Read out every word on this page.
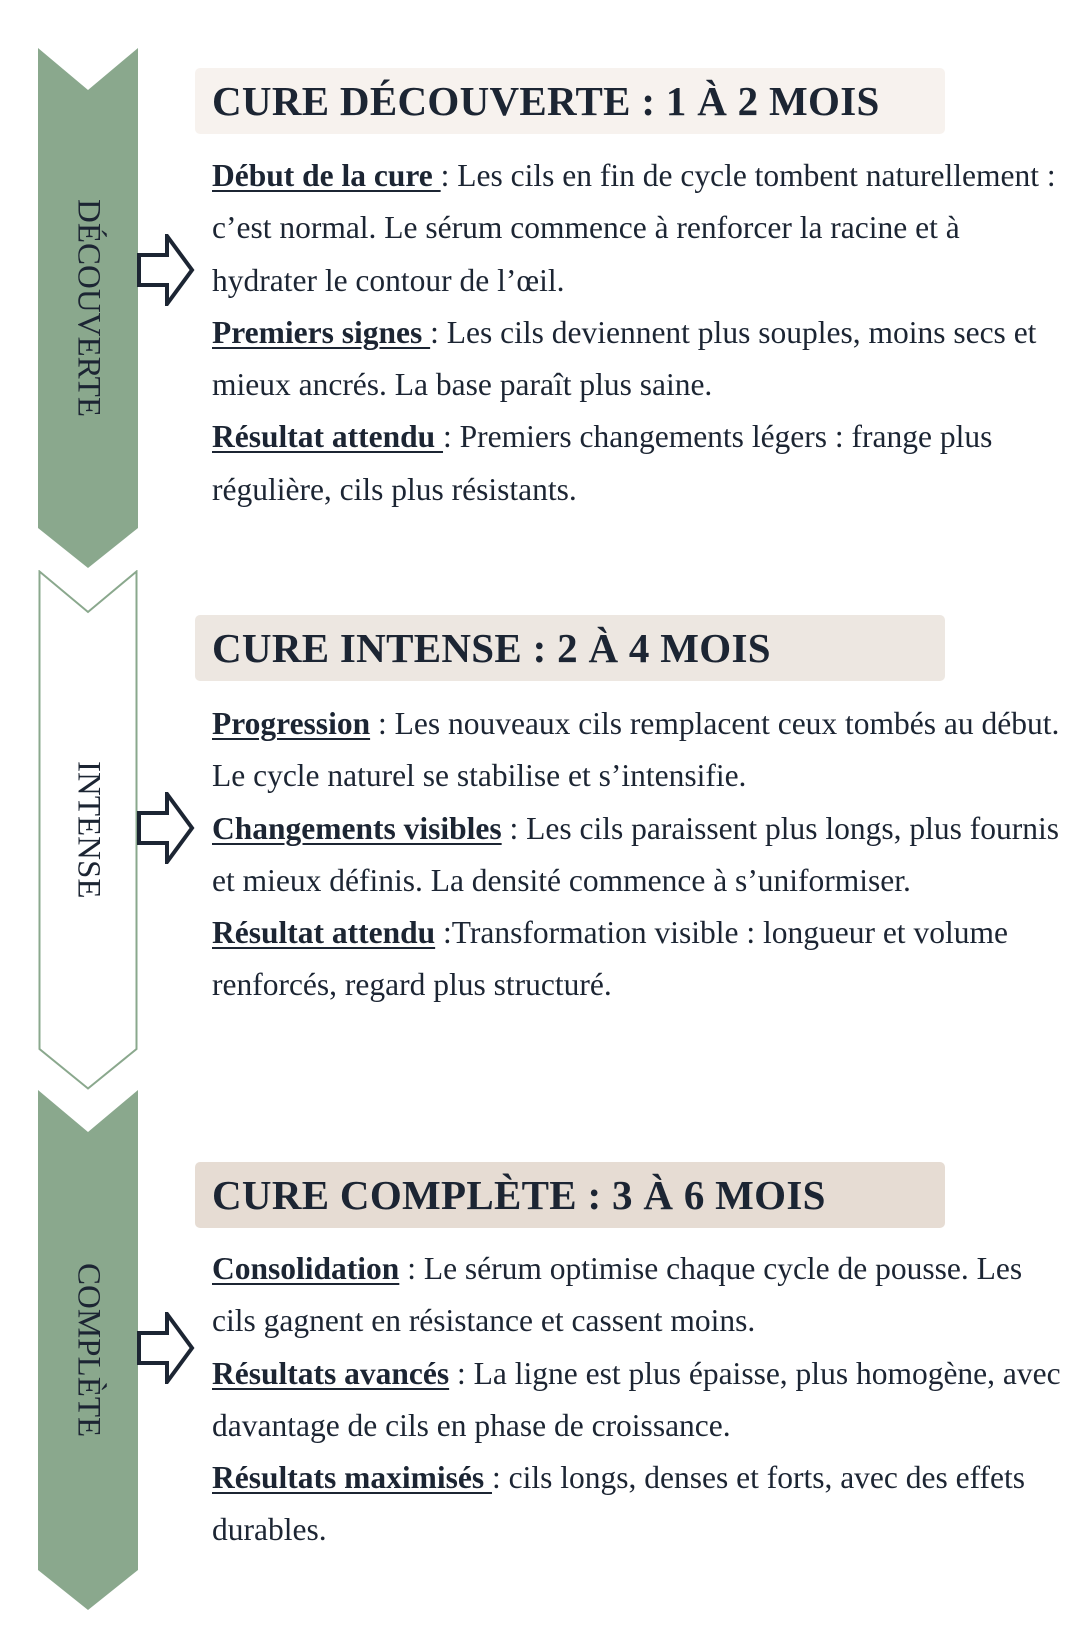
DÉCOUVERTE
CURE DÉCOUVERTE : 1 À 2 MOIS

Début de la cure : Les cils en fin de cycle tombent naturellement : c’est normal. Le sérum commence à renforcer la racine et à hydrater le contour de l’œil.

Premiers signes : Les cils deviennent plus souples, moins secs et mieux ancrés. La base paraît plus saine.

Résultat attendu : Premiers changements légers : frange plus régulière, cils plus résistants.

INTENSE
CURE INTENSE : 2 À 4 MOIS

Progression : Les nouveaux cils remplacent ceux tombés au début. Le cycle naturel se stabilise et s’intensifie.

Changements visibles : Les cils paraissent plus longs, plus fournis et mieux définis. La densité commence à s’uniformiser.

Résultat attendu :Transformation visible : longueur et volume renforcés, regard plus structuré.

COMPLÈTE
CURE COMPLÈTE : 3 À 6 MOIS

Consolidation : Le sérum optimise chaque cycle de pousse. Les cils gagnent en résistance et cassent moins.

Résultats avancés : La ligne est plus épaisse, plus homogène, avec davantage de cils en phase de croissance.

Résultats maximisés : cils longs, denses et forts, avec des effets durables.
